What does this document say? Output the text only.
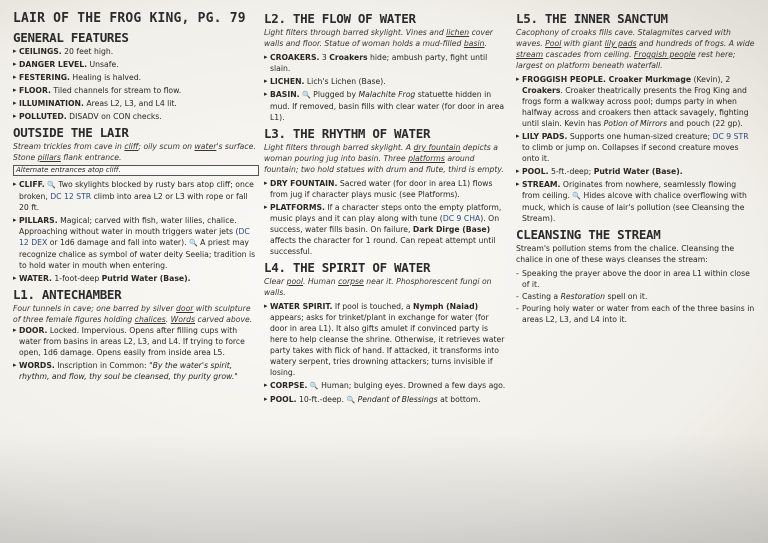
LAIR OF THE FROG KING, PG. 79
GENERAL FEATURES
▸ CEILINGS. 20 feet high.
▸ DANGER LEVEL. Unsafe.
▸ FESTERING. Healing is halved.
▸ FLOOR. Tiled channels for stream to flow.
▸ ILLUMINATION. Areas L2, L3, and L4 lit.
▸ POLLUTED. DISADV on CON checks.
OUTSIDE THE LAIR
Stream trickles from cave in cliff; oily scum on water's surface. Stone pillars flank entrance.
Alternate entrances atop cliff.
▸ CLIFF. 🔍 Two skylights blocked by rusty bars atop cliff; once broken, DC 12 STR climb into area L2 or L3 with rope or fall 20 ft.
▸ PILLARS. Magical; carved with fish, water lilies, chalice. Approaching without water in mouth triggers water jets (DC 12 DEX or 1d6 damage and fall into water). 🔍 A priest may recognize chalice as symbol of water deity Seelia; tradition is to hold water in mouth when entering.
▸ WATER. 1-foot-deep Putrid Water (Base).
L1. ANTECHAMBER
Four tunnels in cave; one barred by silver door with sculpture of three female figures holding chalices. Words carved above.
▸ DOOR. Locked. Impervious. Opens after filling cups with water from basins in areas L2, L3, and L4. If trying to force open, 1d6 damage. Opens easily from inside area L5.
▸ WORDS. Inscription in Common: "By the water's spirit, rhythm, and flow, thy soul be cleansed, thy purity grow."
L2. THE FLOW OF WATER
Light filters through barred skylight. Vines and lichen cover walls and floor. Statue of woman holds a mud-filled basin.
▸ CROAKERS. 3 Croakers hide; ambush party, fight until slain.
▸ LICHEN. Lich's Lichen (Base).
▸ BASIN. 🔍 Plugged by Malachite Frog statuette hidden in mud. If removed, basin fills with clear water (for door in area L1).
L3. THE RHYTHM OF WATER
Light filters through barred skylight. A dry fountain depicts a woman pouring jug into basin. Three platforms around fountain; two hold statues with drum and flute, third is empty.
▸ DRY FOUNTAIN. Sacred water (for door in area L1) flows from jug if character plays music (see Platforms).
▸ PLATFORMS. If a character steps onto the empty platform, music plays and it can play along with tune (DC 9 CHA). On success, water fills basin. On failure, Dark Dirge (Base) affects the character for 1 round. Can repeat attempt until successful.
L4. THE SPIRIT OF WATER
Clear pool. Human corpse near it. Phosphorescent fungi on walls.
▸ WATER SPIRIT. If pool is touched, a Nymph (Naiad) appears; asks for trinket/plant in exchange for water (for door in area L1). It also gifts amulet if convinced party is here to help cleanse the shrine. Otherwise, it retrieves water party takes with flick of hand. If attacked, it transforms into watery serpent, tries drowning attackers; turns invisible if losing.
▸ CORPSE. 🔍 Human; bulging eyes. Drowned a few days ago.
▸ POOL. 10-ft.-deep. 🔍 Pendant of Blessings at bottom.
L5. THE INNER SANCTUM
Cacophony of croaks fills cave. Stalagmites carved with waves. Pool with giant lily pads and hundreds of frogs. A wide stream cascades from ceiling. Froggish people rest here; largest on platform beneath waterfall.
▸ FROGGISH PEOPLE. Croaker Murkmage (Kevin), 2 Croakers. Croaker theatrically presents the Frog King and frogs form a walkway across pool; dumps party in when halfway across and croakers then attack savagely, fighting until slain. Kevin has Potion of Mirrors and pouch (22 gp).
▸ LILY PADS. Supports one human-sized creature; DC 9 STR to climb or jump on. Collapses if second creature moves onto it.
▸ POOL. 5-ft.-deep; Putrid Water (Base).
▸ STREAM. Originates from nowhere, seamlessly flowing from ceiling. 🔍 Hides alcove with chalice overflowing with muck, which is cause of lair's pollution (see Cleansing the Stream).
CLEANSING THE STREAM
Stream's pollution stems from the chalice. Cleansing the chalice in one of these ways cleanses the stream:
- Speaking the prayer above the door in area L1 within close of it.
- Casting a Restoration spell on it.
- Pouring holy water or water from each of the three basins in areas L2, L3, and L4 into it.
